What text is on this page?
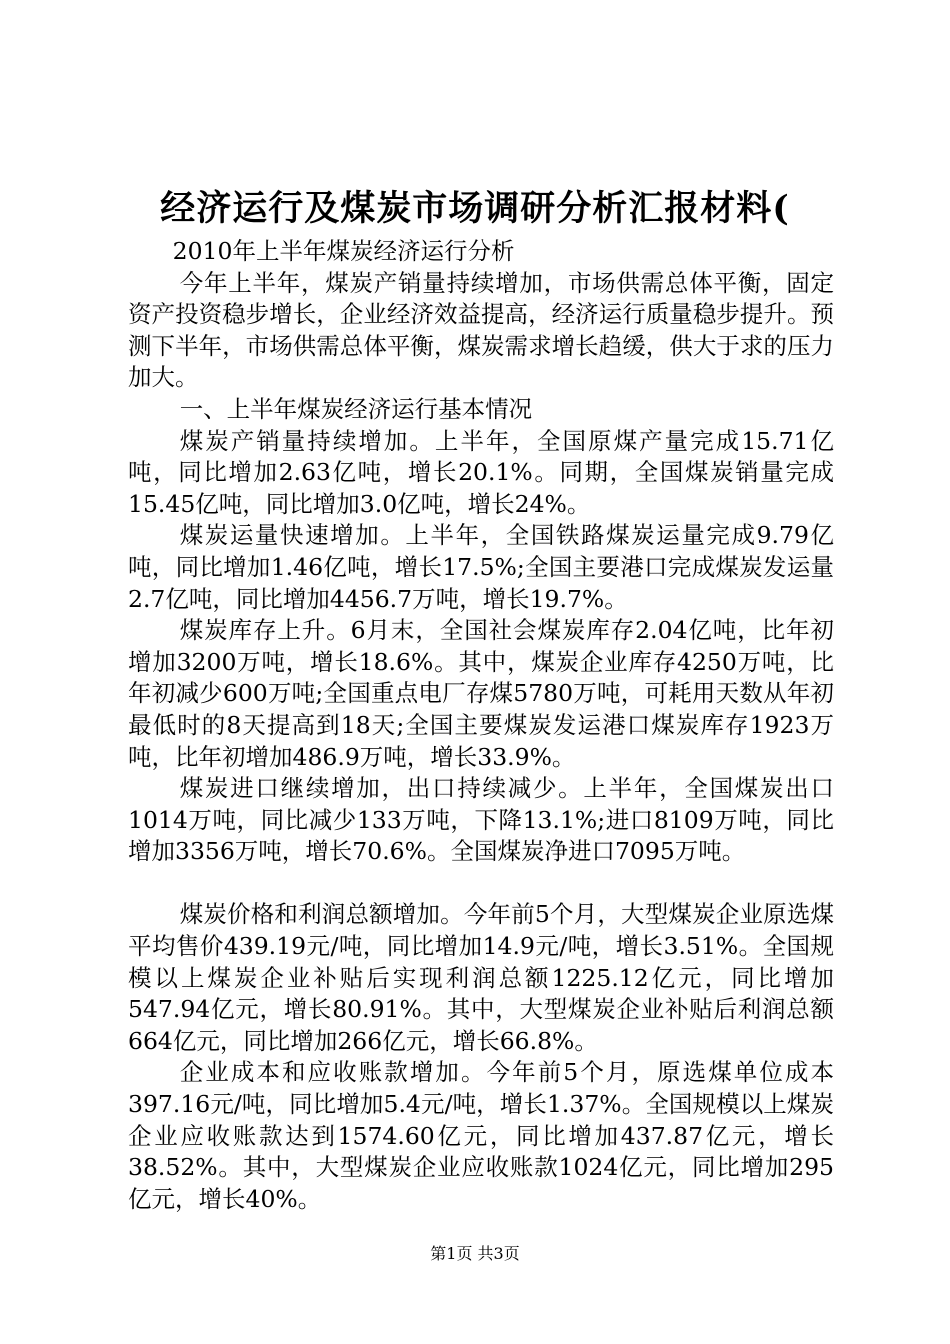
经济运行及煤炭市场调研分析汇报材料(

2010年上半年煤炭经济运行分析

今年上半年，煤炭产销量持续增加，市场供需总体平衡，固定资产投资稳步增长，企业经济效益提高，经济运行质量稳步提升。预测下半年，市场供需总体平衡，煤炭需求增长趋缓，供大于求的压力加大。

一、上半年煤炭经济运行基本情况

煤炭产销量持续增加。上半年，全国原煤产量完成15.71亿吨，同比增加2.63亿吨，增长20.1%。同期，全国煤炭销量完成15.45亿吨，同比增加3.0亿吨，增长24%。

煤炭运量快速增加。上半年，全国铁路煤炭运量完成9.79亿吨，同比增加1.46亿吨，增长17.5%;全国主要港口完成煤炭发运量2.7亿吨，同比增加4456.7万吨，增长19.7%。

煤炭库存上升。6月末，全国社会煤炭库存2.04亿吨，比年初增加3200万吨，增长18.6%。其中，煤炭企业库存4250万吨，比年初减少600万吨;全国重点电厂存煤5780万吨，可耗用天数从年初最低时的8天提高到18天;全国主要煤炭发运港口煤炭库存1923万吨，比年初增加486.9万吨，增长33.9%。

煤炭进口继续增加，出口持续减少。上半年，全国煤炭出口1014万吨，同比减少133万吨，下降13.1%;进口8109万吨，同比增加3356万吨，增长70.6%。全国煤炭净进口7095万吨。

煤炭价格和利润总额增加。今年前5个月，大型煤炭企业原选煤平均售价439.19元/吨，同比增加14.9元/吨，增长3.51%。全国规模以上煤炭企业补贴后实现利润总额1225.12亿元，同比增加547.94亿元，增长80.91%。其中，大型煤炭企业补贴后利润总额664亿元，同比增加266亿元，增长66.8%。

企业成本和应收账款增加。今年前5个月，原选煤单位成本397.16元/吨，同比增加5.4元/吨，增长1.37%。全国规模以上煤炭企业应收账款达到1574.60亿元，同比增加437.87亿元，增长38.52%。其中，大型煤炭企业应收账款1024亿元，同比增加295亿元，增长40%。

第1页 共3页
